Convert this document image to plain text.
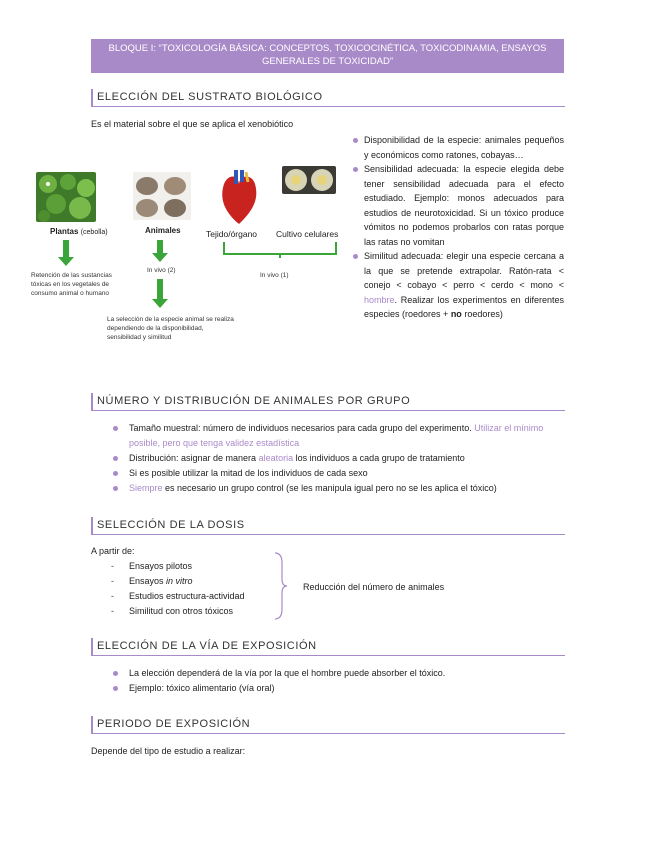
BLOQUE I: “TOXICOLOGÍA BÁSICA: CONCEPTOS, TOXICOCINÉTICA, TOXICODINAMIA, ENSAYOS GENERALES DE TOXICIDAD”
ELECCIÓN DEL SUSTRATO BIOLÓGICO
Es el material sobre el que se aplica el xenobiótico
Plantas (cebolla)	Animales	Tejido/órgano Cultivo celulares
Retención de las sustancias tóxicas en los vegetales de consumo animal o humano
In vivo (2)
La selección de la especie animal se realiza dependiendo de la disponibilidad, sensibilidad y similitud
In vivo (1)
Disponibilidad de la especie: animales pequeños y económicos como ratones, cobayas…
Sensibilidad adecuada: la especie elegida debe tener sensibilidad adecuada para el efecto estudiado. Ejemplo: monos adecuados para estudios de neurotoxicidad. Si un tóxico produce vómitos no podemos probarlos con ratas porque las ratas no vomitan
Similitud adecuada: elegir una especie cercana a la que se pretende extrapolar. Ratón-rata < conejo < cobayo < perro < cerdo < mono < hombre. Realizar los experimentos en diferentes especies (roedores + no roedores)
NÚMERO Y DISTRIBUCIÓN DE ANIMALES POR GRUPO
Tamaño muestral: número de individuos necesarios para cada grupo del experimento. Utilizar el mínimo posible, pero que tenga validez estadística
Distribución: asignar de manera aleatoria los individuos a cada grupo de tratamiento
Si es posible utilizar la mitad de los individuos de cada sexo
Siempre es necesario un grupo control (se les manipula igual pero no se les aplica el tóxico)
SELECCIÓN DE LA DOSIS
A partir de:
- Ensayos pilotos
- Ensayos in vitro
- Estudios estructura-actividad
- Similitud con otros tóxicos
Reducción del número de animales
ELECCIÓN DE LA VÍA DE EXPOSICIÓN
La elección dependerá de la vía por la que el hombre puede absorber el tóxico.
Ejemplo: tóxico alimentario (vía oral)
PERIODO DE EXPOSICIÓN
Depende del tipo de estudio a realizar:
